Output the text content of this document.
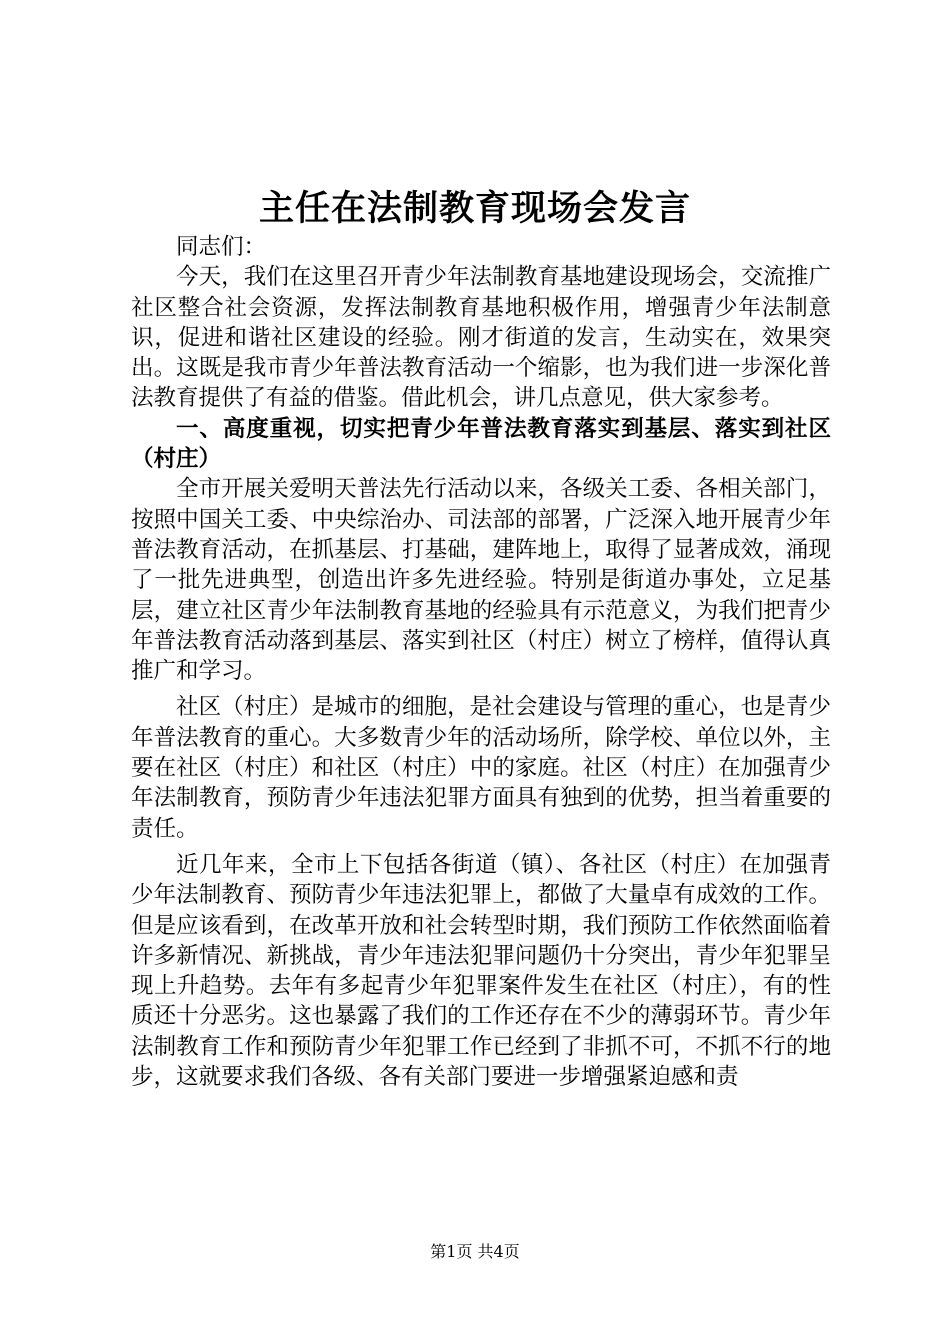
主任在法制教育现场会发言

同志们：

今天，我们在这里召开青少年法制教育基地建设现场会，交流推广社区整合社会资源，发挥法制教育基地积极作用，增强青少年法制意识，促进和谐社区建设的经验。刚才街道的发言，生动实在，效果突出。这既是我市青少年普法教育活动一个缩影，也为我们进一步深化普法教育提供了有益的借鉴。借此机会，讲几点意见，供大家参考。

一、高度重视，切实把青少年普法教育落实到基层、落实到社区（村庄）

全市开展关爱明天普法先行活动以来，各级关工委、各相关部门，按照中国关工委、中央综治办、司法部的部署，广泛深入地开展青少年普法教育活动，在抓基层、打基础，建阵地上，取得了显著成效，涌现了一批先进典型，创造出许多先进经验。特别是街道办事处，立足基层，建立社区青少年法制教育基地的经验具有示范意义，为我们把青少年普法教育活动落到基层、落实到社区（村庄）树立了榜样，值得认真推广和学习。

社区（村庄）是城市的细胞，是社会建设与管理的重心，也是青少年普法教育的重心。大多数青少年的活动场所，除学校、单位以外，主要在社区（村庄）和社区（村庄）中的家庭。社区（村庄）在加强青少年法制教育，预防青少年违法犯罪方面具有独到的优势，担当着重要的责任。

近几年来，全市上下包括各街道（镇）、各社区（村庄）在加强青少年法制教育、预防青少年违法犯罪上，都做了大量卓有成效的工作。但是应该看到，在改革开放和社会转型时期，我们预防工作依然面临着许多新情况、新挑战，青少年违法犯罪问题仍十分突出，青少年犯罪呈现上升趋势。去年有多起青少年犯罪案件发生在社区（村庄），有的性质还十分恶劣。这也暴露了我们的工作还存在不少的薄弱环节。青少年法制教育工作和预防青少年犯罪工作已经到了非抓不可，不抓不行的地步，这就要求我们各级、各有关部门要进一步增强紧迫感和责

第1页 共4页
